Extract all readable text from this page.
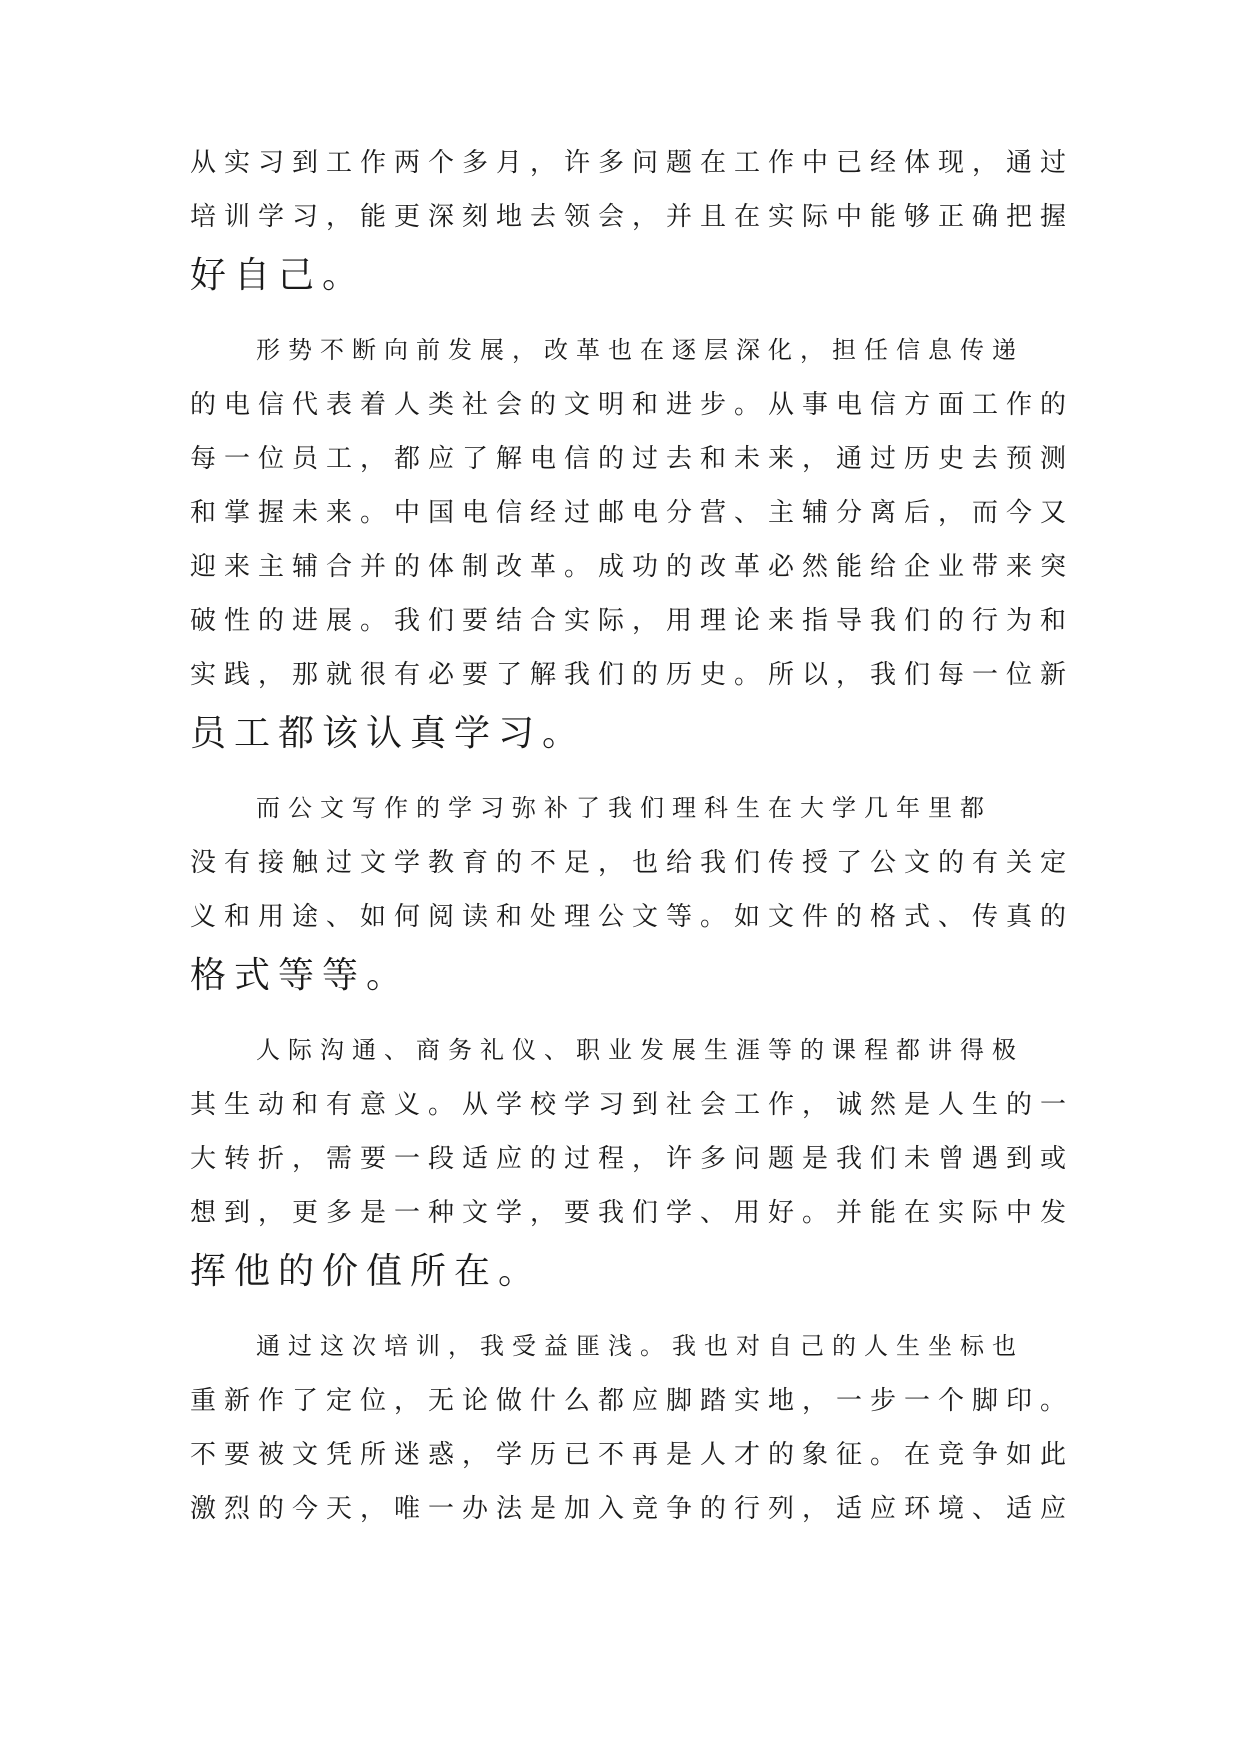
从实习到工作两个多月，许多问题在工作中已经体现，通过

培训学习，能更深刻地去领会，并且在实际中能够正确把握

好自己。

形势不断向前发展，改革也在逐层深化，担任信息传递

的电信代表着人类社会的文明和进步。从事电信方面工作的

每一位员工，都应了解电信的过去和未来，通过历史去预测

和掌握未来。中国电信经过邮电分营、主辅分离后，而今又

迎来主辅合并的体制改革。成功的改革必然能给企业带来突

破性的进展。我们要结合实际，用理论来指导我们的行为和

实践，那就很有必要了解我们的历史。所以，我们每一位新

员工都该认真学习。

而公文写作的学习弥补了我们理科生在大学几年里都

没有接触过文学教育的不足，也给我们传授了公文的有关定

义和用途、如何阅读和处理公文等。如文件的格式、传真的

格式等等。

人际沟通、商务礼仪、职业发展生涯等的课程都讲得极

其生动和有意义。从学校学习到社会工作，诚然是人生的一

大转折，需要一段适应的过程，许多问题是我们未曾遇到或

想到，更多是一种文学，要我们学、用好。并能在实际中发

挥他的价值所在。

通过这次培训，我受益匪浅。我也对自己的人生坐标也

重新作了定位，无论做什么都应脚踏实地，一步一个脚印。

不要被文凭所迷惑，学历已不再是人才的象征。在竞争如此

激烈的今天，唯一办法是加入竞争的行列，适应环境、适应
